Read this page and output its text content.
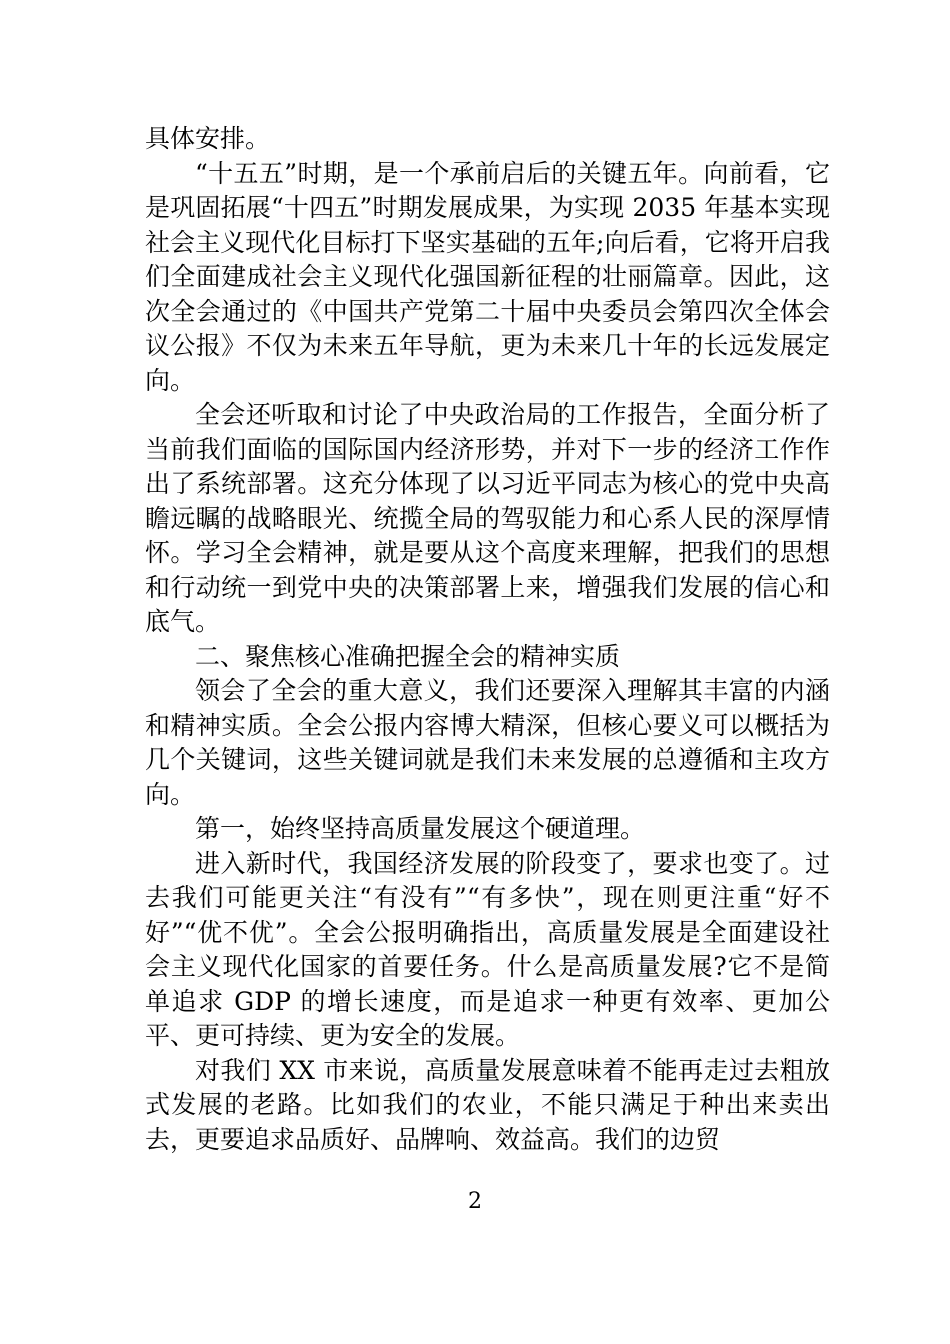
具体安排。

“十五五”时期，是一个承前启后的关键五年。向前看，它是巩固拓展“十四五”时期发展成果，为实现 2035 年基本实现社会主义现代化目标打下坚实基础的五年;向后看，它将开启我们全面建成社会主义现代化强国新征程的壮丽篇章。因此，这次全会通过的《中国共产党第二十届中央委员会第四次全体会议公报》不仅为未来五年导航，更为未来几十年的长远发展定向。

全会还听取和讨论了中央政治局的工作报告，全面分析了当前我们面临的国际国内经济形势，并对下一步的经济工作作出了系统部署。这充分体现了以习近平同志为核心的党中央高瞻远瞩的战略眼光、统揽全局的驾驭能力和心系人民的深厚情怀。学习全会精神，就是要从这个高度来理解，把我们的思想和行动统一到党中央的决策部署上来，增强我们发展的信心和底气。

二、聚焦核心准确把握全会的精神实质

领会了全会的重大意义，我们还要深入理解其丰富的内涵和精神实质。全会公报内容博大精深，但核心要义可以概括为几个关键词，这些关键词就是我们未来发展的总遵循和主攻方向。

第一，始终坚持高质量发展这个硬道理。

进入新时代，我国经济发展的阶段变了，要求也变了。过去我们可能更关注“有没有”“有多快”，现在则更注重“好不好”“优不优”。全会公报明确指出，高质量发展是全面建设社会主义现代化国家的首要任务。什么是高质量发展?它不是简单追求 GDP 的增长速度，而是追求一种更有效率、更加公平、更可持续、更为安全的发展。

对我们 XX 市来说，高质量发展意味着不能再走过去粗放式发展的老路。比如我们的农业，不能只满足于种出来卖出去，更要追求品质好、品牌响、效益高。我们的边贸

2
